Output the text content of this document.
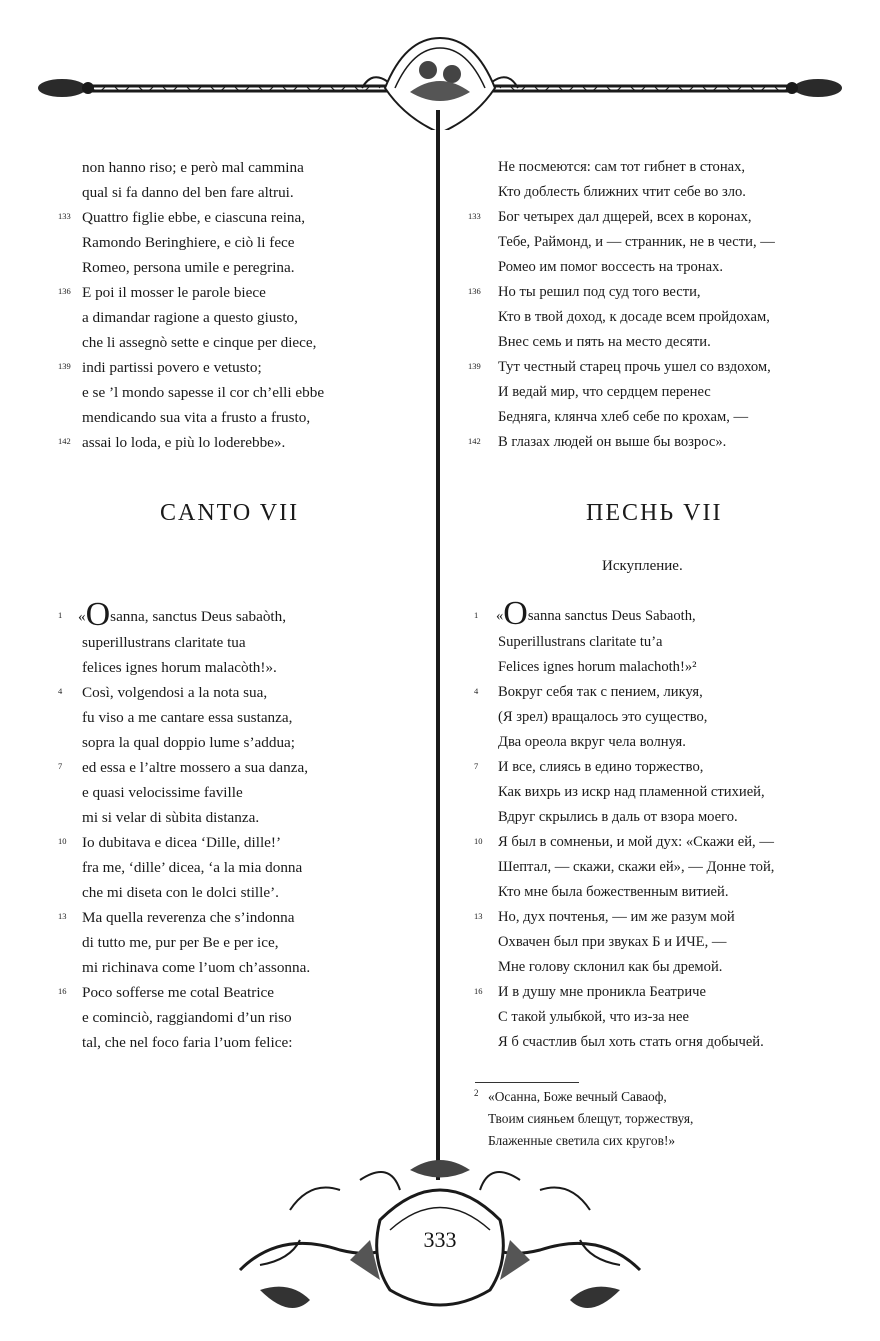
333
non hanno riso; e però mal cammina
qual si fa danno del ben fare altrui.
133 Quattro figlie ebbe, e ciascuna reina,
Ramondo Beringhiere, e ciò li fece
Romeo, persona umile e peregrina.
136 E poi il mosser le parole biece
a dimandar ragione a questo giusto,
che li assegnò sette e cinque per diece,
139 indi partissi povero e vetusto;
e se ’l mondo sapesse il cor ch’elli ebbe
mendicando sua vita a frusto a frusto,
142 assai lo loda, e più lo loderebbe».
CANTO VII
1 «Osanna, sanctus Deus sabaòth,
superillustrans claritate tua
felices ignes horum malacòth!».
4 Così, volgendosi a la nota sua,
fu viso a me cantare essa sustanza,
sopra la qual doppio lume s’addua;
7 ed essa e l’altre mossero a sua danza,
e quasi velocissime faville
mi si velar di sùbita distanza.
10 Io dubitava e dicea ‘Dille, dille!’
fra me, ‘dille’ dicea, ‘a la mia donna
che mi diseta con le dolci stille’.
13 Ma quella reverenza che s’indonna
di tutto me, pur per Be e per ice,
mi richinava come l’uom ch’assonna.
16 Poco sofferse me cotal Beatrice
e cominciò, raggiandomi d’un riso
tal, che nel foco faria l’uom felice:
Не посмеются: сам тот гибнет в стонах,
Кто доблесть ближних чтит себе во зло.
133 Бог четырех дал дщерей, всех в коронах,
Тебе, Раймонд, и — странник, не в чести, —
Ромео им помог воссесть на тронах.
136 Но ты решил под суд того вести,
Кто в твой доход, к досаде всем пройдохам,
Внес семь и пять на место десяти.
139 Тут честный старец прочь ушел со вздохом,
И ведай мир, что сердцем перенес
Бедняга, клянча хлеб себе по крохам, —
142 В глазах людей он выше бы возрос».
ПЕСНЬ VII
Искупление.
1 «Оsanna sanctus Deus Sabaoth,
Superillustrans claritate tu’a
Felices ignes horum malachoth!»²
4 Вокруг себя так с пением, ликуя,
(Я зрел) вращалось это существо,
Два ореола вкруг чела волнуя.
7 И все, слиясь в едино торжество,
Как вихрь из искр над пламенной стихией,
Вдруг скрылись в даль от взора моего.
10 Я был в сомненьи, и мой дух: «Скажи ей, —
Шептал, — скажи, скажи ей», — Донне той,
Кто мне была божественным витией.
13 Но, дух почтенья, — им же разум мой
Охвачен был при звуках Б и ИЧЕ, —
Мне голову склонил как бы дремой.
16 И в душу мне проникла Беатриче
С такой улыбкой, что из-за нее
Я б счастлив был хоть стать огня добычей.
2 «Осанна, Боже вечный Саваоф,
Твоим сияньем блещут, торжествуя,
Блаженные светила сих кругов!»
